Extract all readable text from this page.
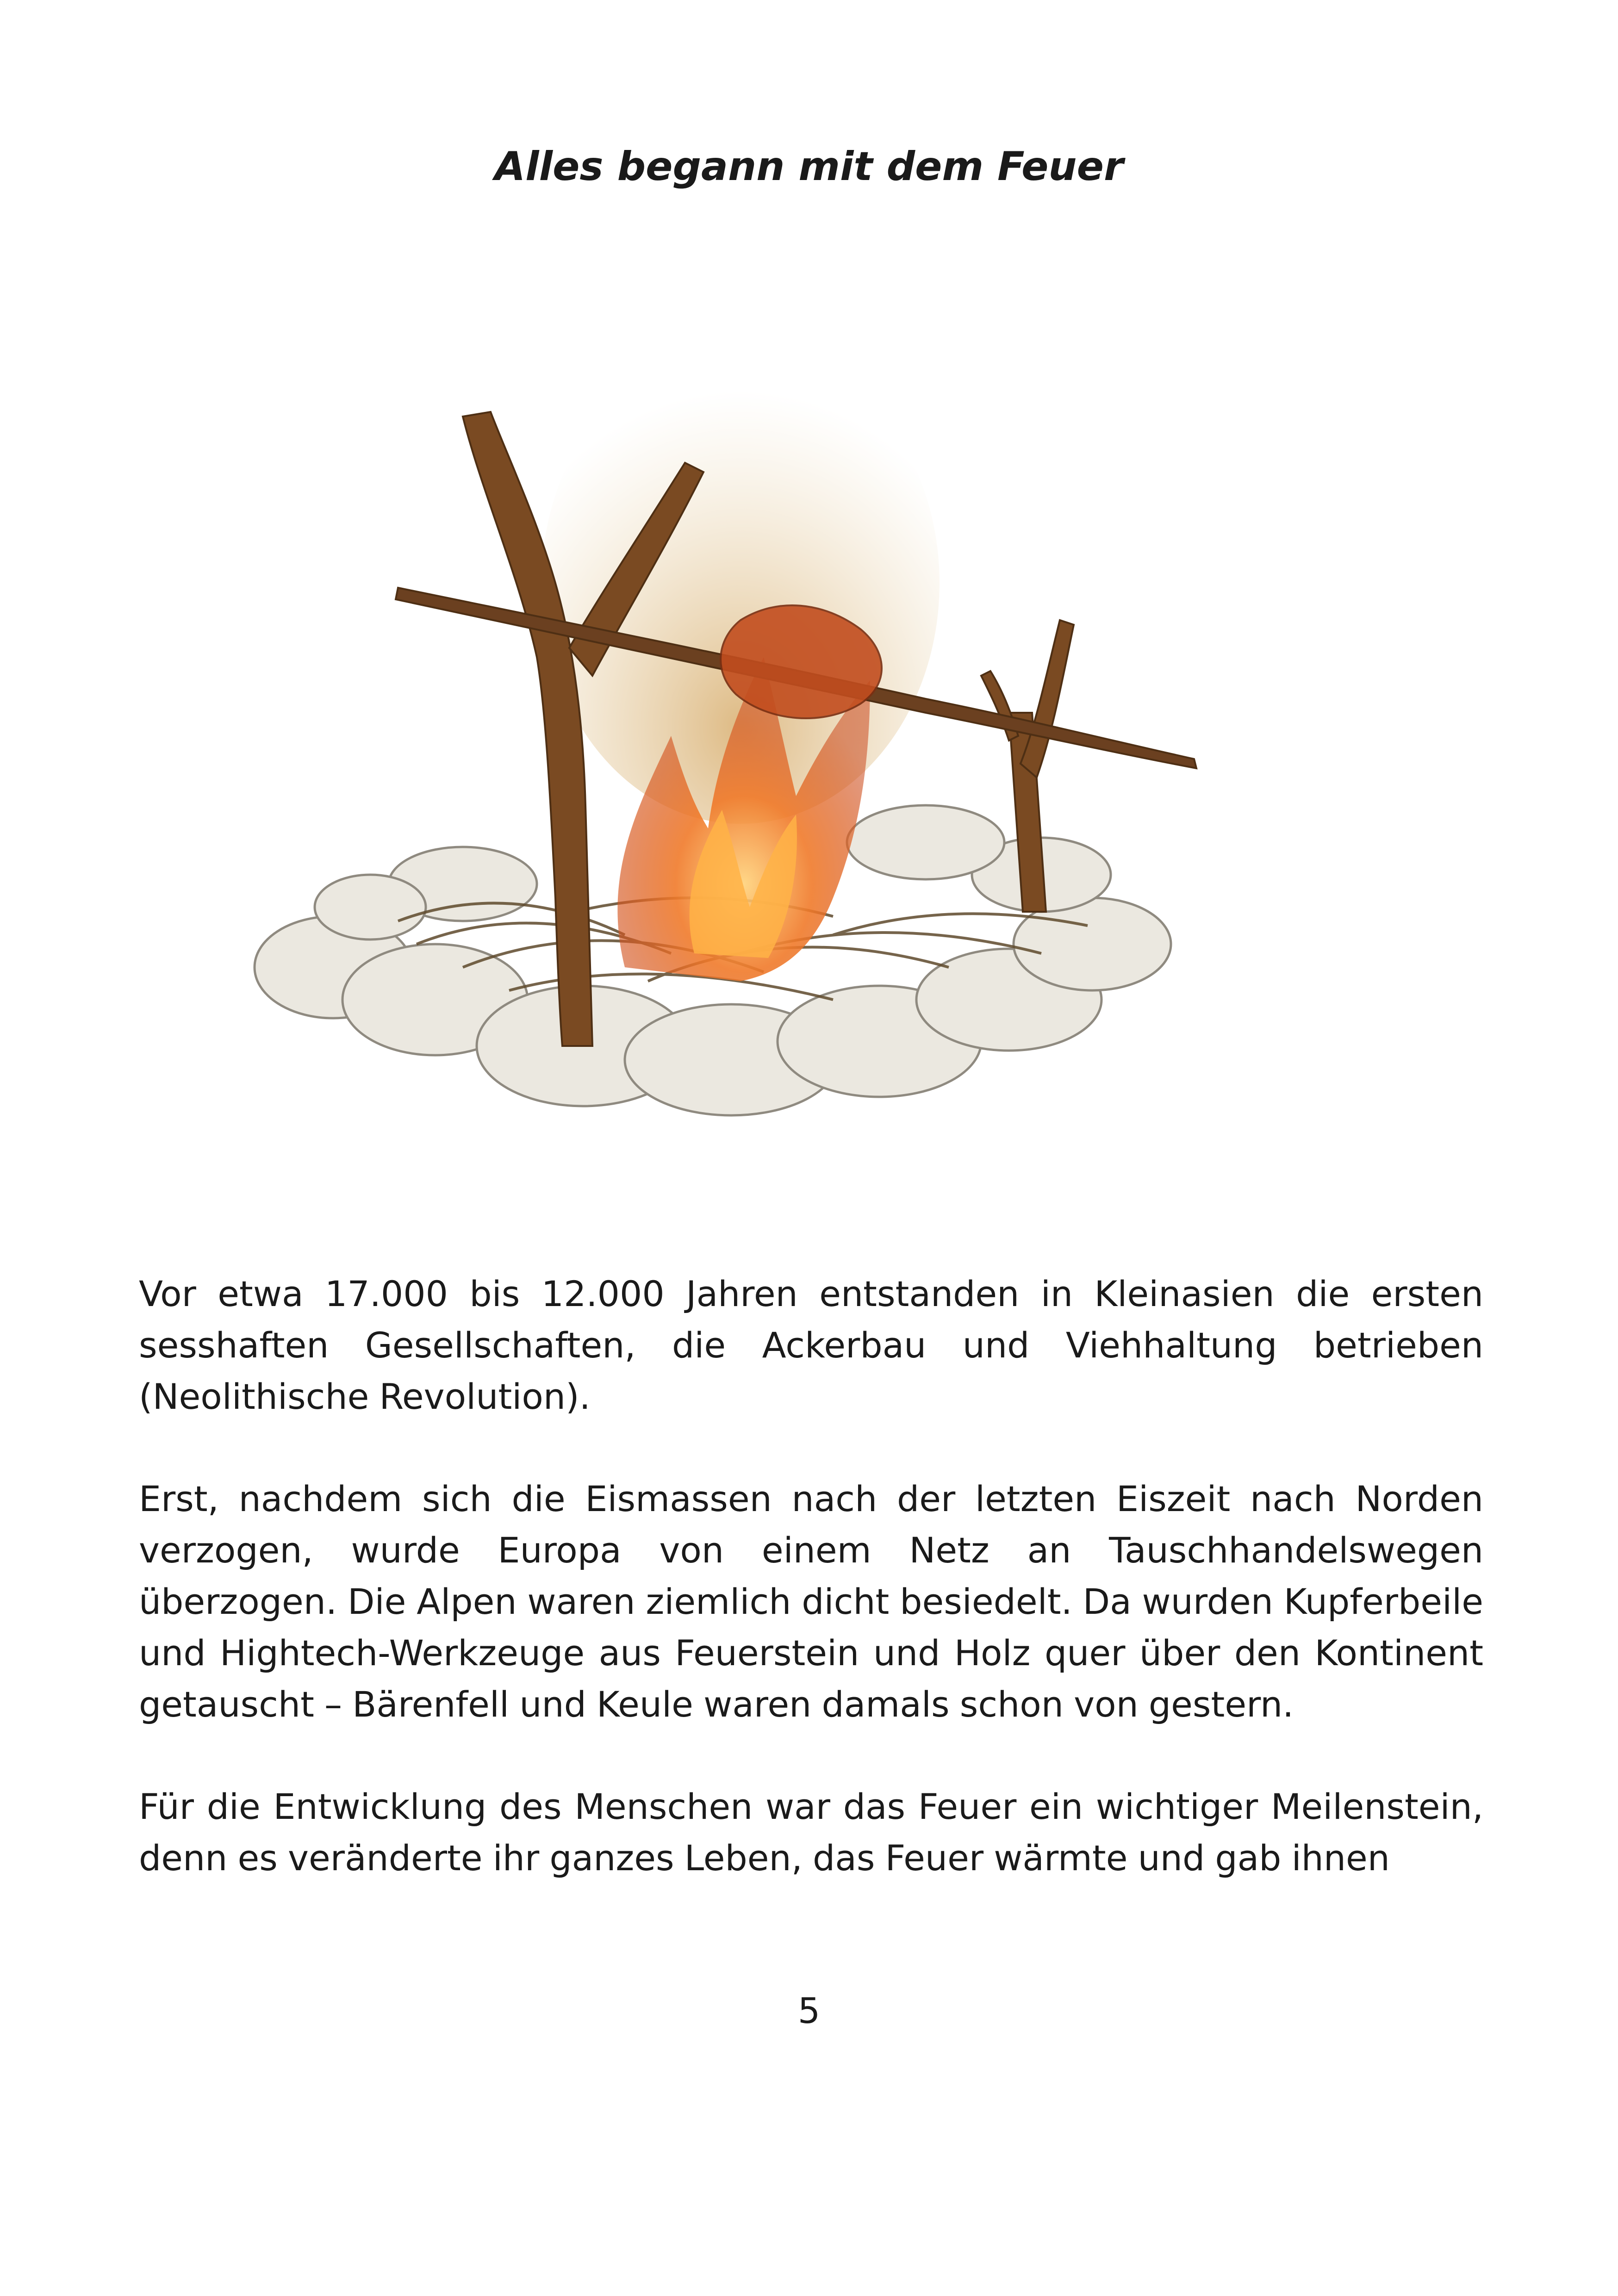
Alles begann mit dem Feuer

Vor etwa 17.000 bis 12.000 Jahren entstanden in Kleinasien die ersten sesshaften Gesellschaften, die Ackerbau und Viehhaltung betrieben (Neolithische Revolution).

Erst, nachdem sich die Eismassen nach der letzten Eiszeit nach Norden verzogen, wurde Europa von einem Netz an Tauschhandelswegen überzogen. Die Alpen waren ziemlich dicht besiedelt. Da wurden Kupferbeile und Hightech-Werkzeuge aus Feuerstein und Holz quer über den Kontinent getauscht – Bärenfell und Keule waren damals schon von gestern.

Für die Entwicklung des Menschen war das Feuer ein wichtiger Meilenstein, denn es veränderte ihr ganzes Leben, das Feuer wärmte und gab ihnen

5
